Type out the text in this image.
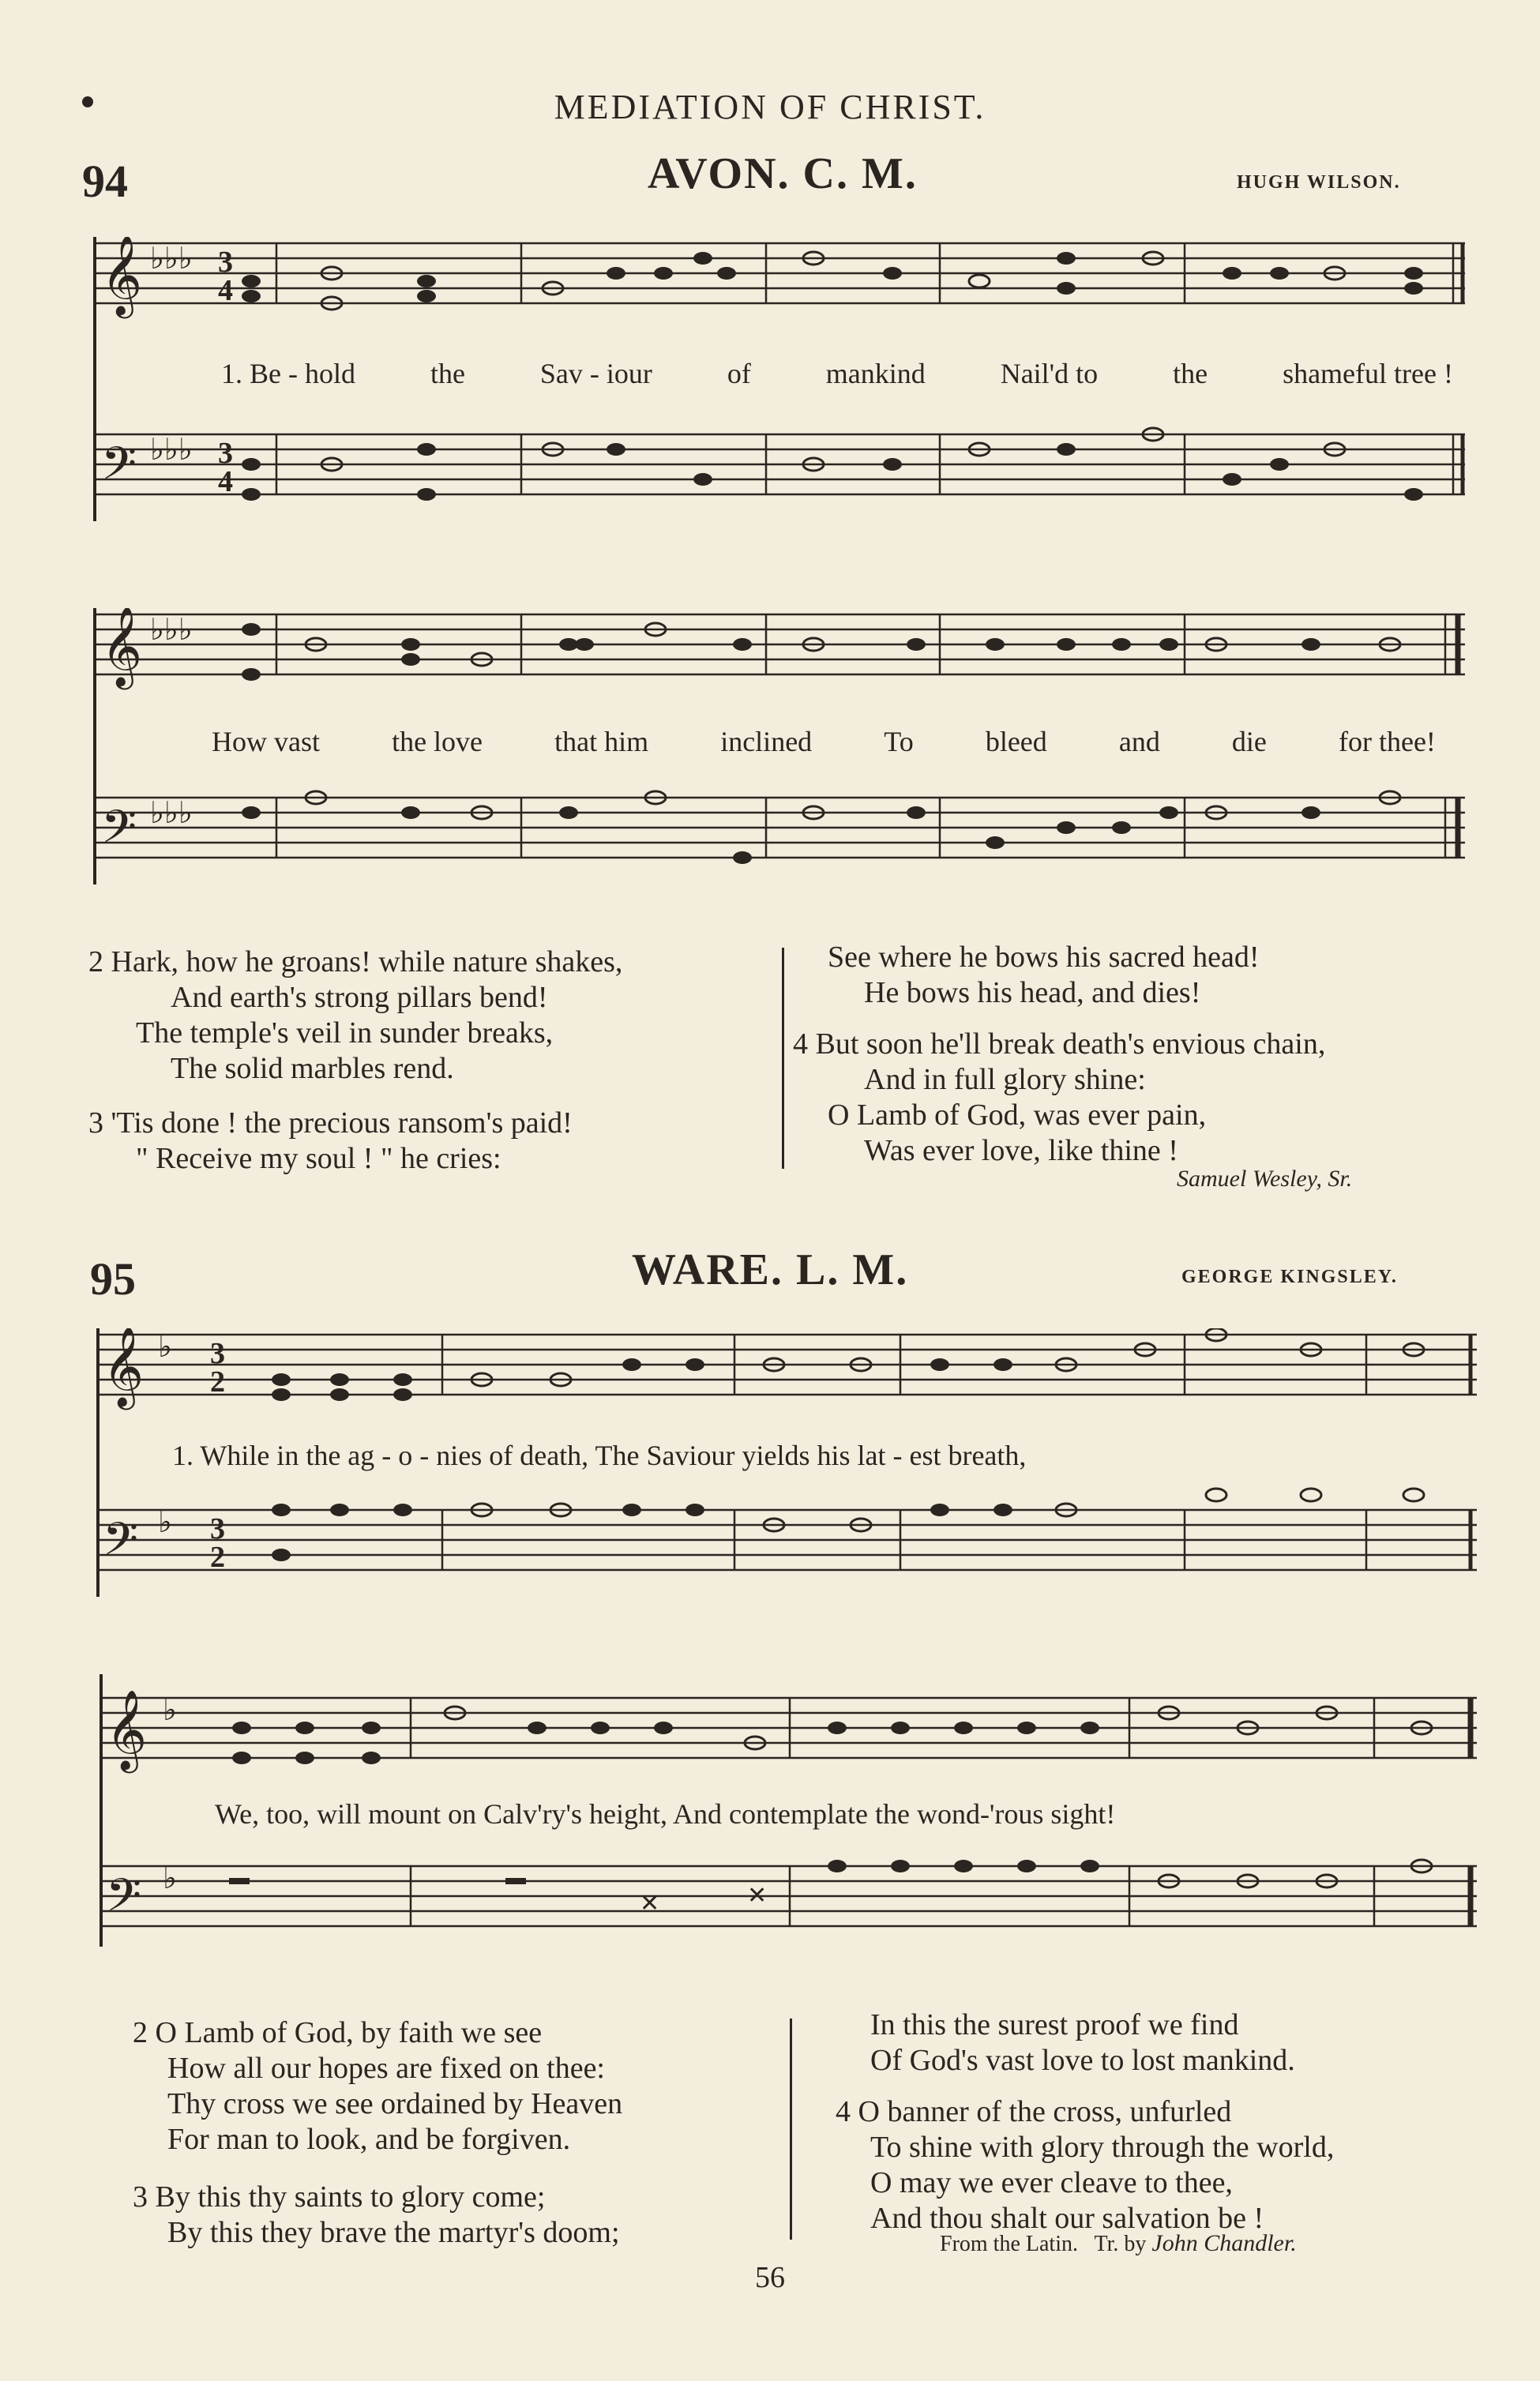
MEDIATION OF CHRIST.
94	AVON. C. M.	HUGH WILSON.
𝄞
𝄢
♭♭♭
♭♭♭
3
4
3
4
1. Be - hold	the	Sav - iour	of	mankind	Nail'd to	the	shameful tree !
𝄞
𝄢
♭♭♭
♭♭♭
How vast	the love	that him	inclined	To	bleed	and	die	for thee!
2 Hark, how he groans! while nature shakes,
And earth's strong pillars bend!
The temple's veil in sunder breaks,
The solid marbles rend.
3 'Tis done ! the precious ransom's paid!
" Receive my soul ! " he cries:
See where he bows his sacred head!
He bows his head, and dies!
4 But soon he'll break death's envious chain,
And in full glory shine:
O Lamb of God, was ever pain,
Was ever love, like thine !
Samuel Wesley, Sr.
95	WARE. L. M.	GEORGE KINGSLEY.
𝄞
𝄢
♭
♭
3
2
3
2
1. While in the ag - o - nies of death, The Saviour yields his lat - est breath,
𝄞
𝄢
♭
♭
✕	✕
We, too, will mount on Calv'ry's height, And contemplate the wond-'rous sight!
2 O Lamb of God, by faith we see
How all our hopes are fixed on thee:
Thy cross we see ordained by Heaven
For man to look, and be forgiven.
3 By this thy saints to glory come;
By this they brave the martyr's doom;
In this the surest proof we find
Of God's vast love to lost mankind.
4 O banner of the cross, unfurled
To shine with glory through the world,
O may we ever cleave to thee,
And thou shalt our salvation be !
From the Latin. Tr. by John Chandler.
56
